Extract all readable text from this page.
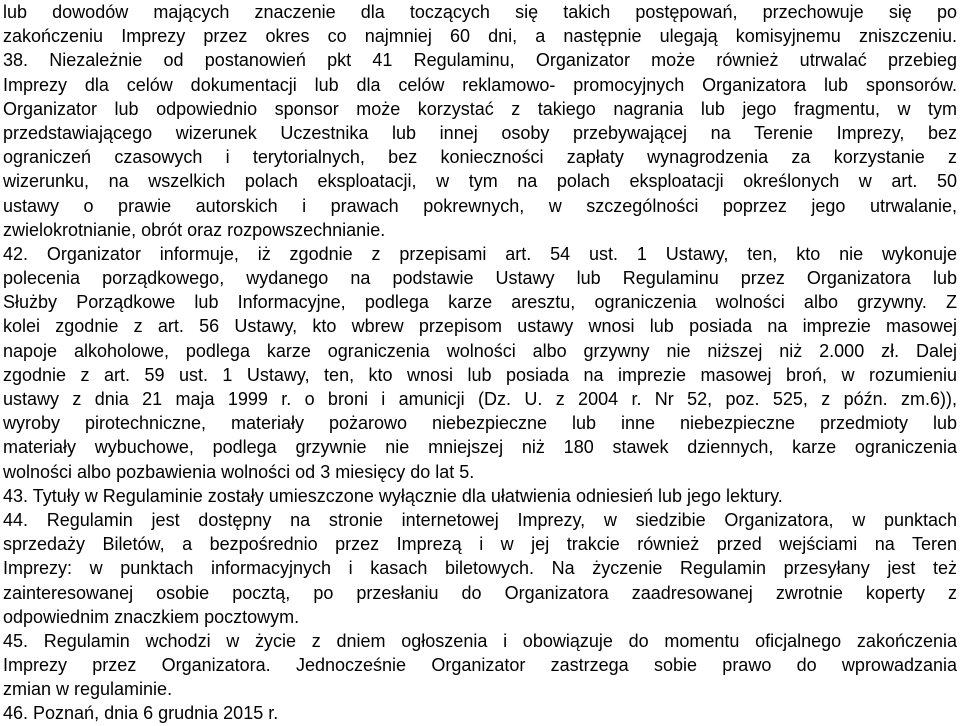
lub dowodów mających znaczenie dla toczących się takich postępowań, przechowuje się po
zakończeniu Imprezy przez okres co najmniej 60 dni, a następnie ulegają komisyjnemu zniszczeniu.
38. Niezależnie od postanowień pkt 41 Regulaminu, Organizator może również utrwalać przebieg
Imprezy dla celów dokumentacji lub dla celów reklamowo- promocyjnych Organizatora lub sponsorów.
Organizator lub odpowiednio sponsor może korzystać z takiego nagrania lub jego fragmentu, w tym
przedstawiającego wizerunek Uczestnika lub innej osoby przebywającej na Terenie Imprezy, bez
ograniczeń czasowych i terytorialnych, bez konieczności zapłaty wynagrodzenia za korzystanie z
wizerunku, na wszelkich polach eksploatacji, w tym na polach eksploatacji określonych w art. 50
ustawy o prawie autorskich i prawach pokrewnych, w szczególności poprzez jego utrwalanie,
zwielokrotnianie, obrót oraz rozpowszechnianie.
42. Organizator informuje, iż zgodnie z przepisami art. 54 ust. 1 Ustawy, ten, kto nie wykonuje
polecenia porządkowego, wydanego na podstawie Ustawy lub Regulaminu przez Organizatora lub
Służby Porządkowe lub Informacyjne, podlega karze aresztu, ograniczenia wolności albo grzywny. Z
kolei zgodnie z art. 56 Ustawy, kto wbrew przepisom ustawy wnosi lub posiada na imprezie masowej
napoje alkoholowe, podlega karze ograniczenia wolności albo grzywny nie niższej niż 2.000 zł. Dalej
zgodnie z art. 59 ust. 1 Ustawy, ten, kto wnosi lub posiada na imprezie masowej broń, w rozumieniu
ustawy z dnia 21 maja 1999 r. o broni i amunicji (Dz. U. z 2004 r. Nr 52, poz. 525, z późn. zm.6)),
wyroby pirotechniczne, materiały pożarowo niebezpieczne lub inne niebezpieczne przedmioty lub
materiały wybuchowe, podlega grzywnie nie mniejszej niż 180 stawek dziennych, karze ograniczenia
wolności albo pozbawienia wolności od 3 miesięcy do lat 5.
43. Tytuły w Regulaminie zostały umieszczone wyłącznie dla ułatwienia odniesień lub jego lektury.
44. Regulamin jest dostępny na stronie internetowej Imprezy, w siedzibie Organizatora, w punktach
sprzedaży Biletów, a bezpośrednio przez Imprezą i w jej trakcie również przed wejściami na Teren
Imprezy: w punktach informacyjnych i kasach biletowych. Na życzenie Regulamin przesyłany jest też
zainteresowanej osobie pocztą, po przesłaniu do Organizatora zaadresowanej zwrotnie koperty z
odpowiednim znaczkiem pocztowym.
45. Regulamin wchodzi w życie z dniem ogłoszenia i obowiązuje do momentu oficjalnego zakończenia
Imprezy przez Organizatora. Jednocześnie Organizator zastrzega sobie prawo do wprowadzania
zmian w regulaminie.
46. Poznań, dnia 6 grudnia 2015 r.
